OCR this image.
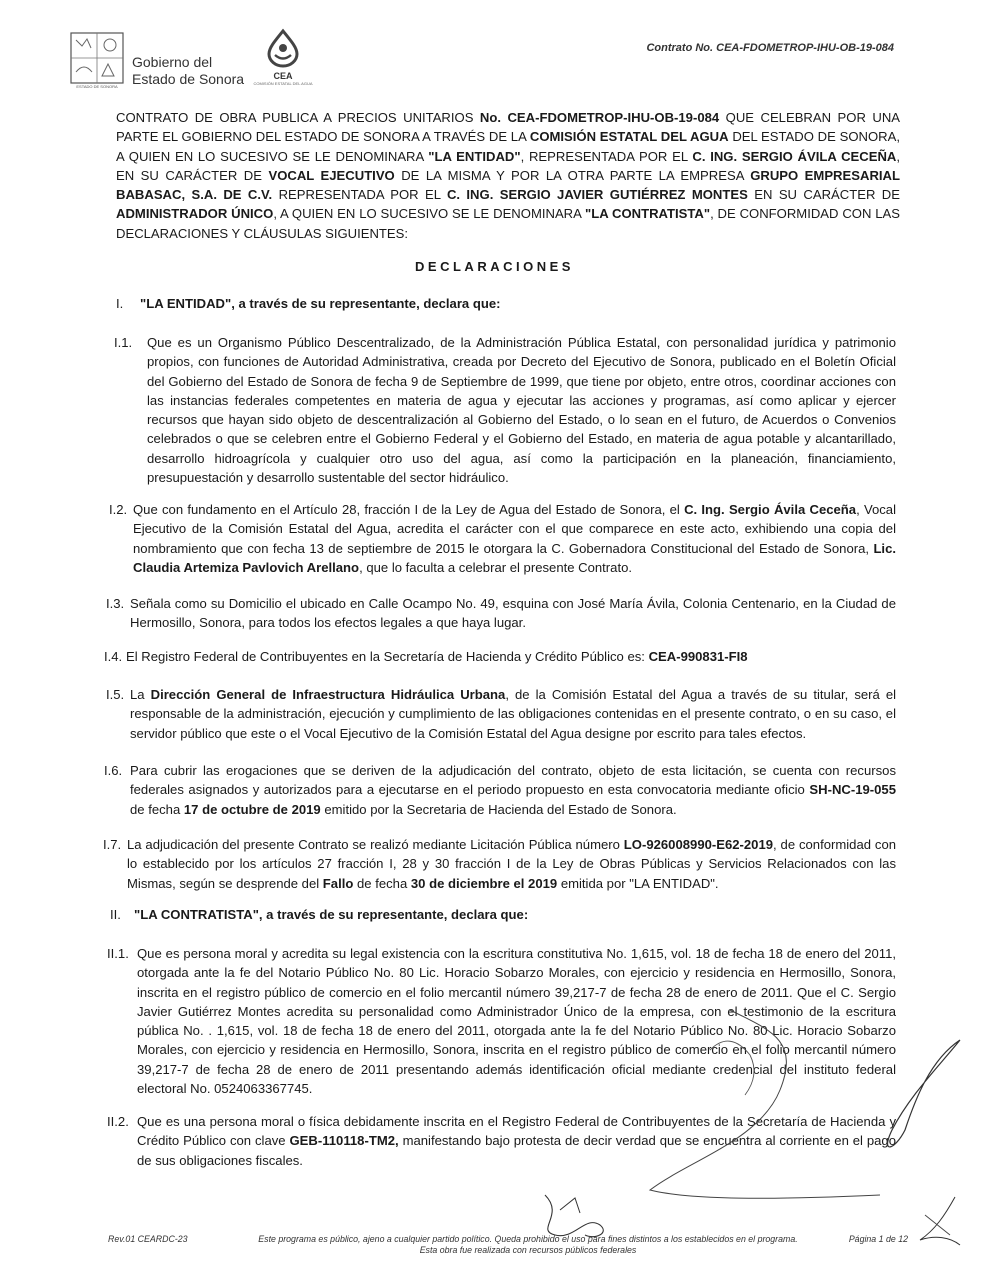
ESTADO DE SONORA
Gobierno del
Estado de Sonora	CEA
COMISIÓN ESTATAL DEL AGUA
Contrato No. CEA-FDOMETROP-IHU-OB-19-084
CONTRATO DE OBRA PUBLICA A PRECIOS UNITARIOS No. CEA-FDOMETROP-IHU-OB-19-084 QUE CELEBRAN POR UNA PARTE EL GOBIERNO DEL ESTADO DE SONORA A TRAVÉS DE LA COMISIÓN ESTATAL DEL AGUA DEL ESTADO DE SONORA, A QUIEN EN LO SUCESIVO SE LE DENOMINARA "LA ENTIDAD", REPRESENTADA POR EL C. ING. SERGIO ÁVILA CECEÑA, EN SU CARÁCTER DE VOCAL EJECUTIVO DE LA MISMA Y POR LA OTRA PARTE LA EMPRESA GRUPO EMPRESARIAL BABASAC, S.A. DE C.V. REPRESENTADA POR EL C. ING. SERGIO JAVIER GUTIÉRREZ MONTES EN SU CARÁCTER DE ADMINISTRADOR ÚNICO, A QUIEN EN LO SUCESIVO SE LE DENOMINARA "LA CONTRATISTA", DE CONFORMIDAD CON LAS DECLARACIONES Y CLÁUSULAS SIGUIENTES:
DECLARACIONES
I. "LA ENTIDAD", a través de su representante, declara que:
I.1. Que es un Organismo Público Descentralizado, de la Administración Pública Estatal, con personalidad jurídica y patrimonio propios, con funciones de Autoridad Administrativa, creada por Decreto del Ejecutivo de Sonora, publicado en el Boletín Oficial del Gobierno del Estado de Sonora de fecha 9 de Septiembre de 1999, que tiene por objeto, entre otros, coordinar acciones con las instancias federales competentes en materia de agua y ejecutar las acciones y programas, así como aplicar y ejercer recursos que hayan sido objeto de descentralización al Gobierno del Estado, o lo sean en el futuro, de Acuerdos o Convenios celebrados o que se celebren entre el Gobierno Federal y el Gobierno del Estado, en materia de agua potable y alcantarillado, desarrollo hidroagrícola y cualquier otro uso del agua, así como la participación en la planeación, financiamiento, presupuestación y desarrollo sustentable del sector hidráulico.
I.2. Que con fundamento en el Artículo 28, fracción I de la Ley de Agua del Estado de Sonora, el C. Ing. Sergio Ávila Ceceña, Vocal Ejecutivo de la Comisión Estatal del Agua, acredita el carácter con el que comparece en este acto, exhibiendo una copia del nombramiento que con fecha 13 de septiembre de 2015 le otorgara la C. Gobernadora Constitucional del Estado de Sonora, Lic. Claudia Artemiza Pavlovich Arellano, que lo faculta a celebrar el presente Contrato.
I.3. Señala como su Domicilio el ubicado en Calle Ocampo No. 49, esquina con José María Ávila, Colonia Centenario, en la Ciudad de Hermosillo, Sonora, para todos los efectos legales a que haya lugar.
I.4. El Registro Federal de Contribuyentes en la Secretaría de Hacienda y Crédito Público es: CEA-990831-FI8
I.5. La Dirección General de Infraestructura Hidráulica Urbana, de la Comisión Estatal del Agua a través de su titular, será el responsable de la administración, ejecución y cumplimiento de las obligaciones contenidas en el presente contrato, o en su caso, el servidor público que este o el Vocal Ejecutivo de la Comisión Estatal del Agua designe por escrito para tales efectos.
I.6. Para cubrir las erogaciones que se deriven de la adjudicación del contrato, objeto de esta licitación, se cuenta con recursos federales asignados y autorizados para a ejecutarse en el periodo propuesto en esta convocatoria mediante oficio SH-NC-19-055 de fecha 17 de octubre de 2019 emitido por la Secretaria de Hacienda del Estado de Sonora.
I.7. La adjudicación del presente Contrato se realizó mediante Licitación Pública número LO-926008990-E62-2019, de conformidad con lo establecido por los artículos 27 fracción I, 28 y 30 fracción I de la Ley de Obras Públicas y Servicios Relacionados con las Mismas, según se desprende del Fallo de fecha 30 de diciembre el 2019 emitida por "LA ENTIDAD".
II. "LA CONTRATISTA", a través de su representante, declara que:
II.1. Que es persona moral y acredita su legal existencia con la escritura constitutiva No. 1,615, vol. 18 de fecha 18 de enero del 2011, otorgada ante la fe del Notario Público No. 80 Lic. Horacio Sobarzo Morales, con ejercicio y residencia en Hermosillo, Sonora, inscrita en el registro público de comercio en el folio mercantil número 39,217-7 de fecha 28 de enero de 2011. Que el C. Sergio Javier Gutiérrez Montes acredita su personalidad como Administrador Único de la empresa, con el testimonio de la escritura pública No. . 1,615, vol. 18 de fecha 18 de enero del 2011, otorgada ante la fe del Notario Público No. 80 Lic. Horacio Sobarzo Morales, con ejercicio y residencia en Hermosillo, Sonora, inscrita en el registro público de comercio en el folio mercantil número 39,217-7 de fecha 28 de enero de 2011 presentando además identificación oficial mediante credencial del instituto federal electoral No. 0524063367745.
II.2. Que es una persona moral o física debidamente inscrita en el Registro Federal de Contribuyentes de la Secretaría de Hacienda y Crédito Público con clave GEB-110118-TM2, manifestando bajo protesta de decir verdad que se encuentra al corriente en el pago de sus obligaciones fiscales.
Rev.01 CEARDC-23	Este programa es público, ajeno a cualquier partido político. Queda prohibido el uso para fines distintos a los establecidos en el programa.
Esta obra fue realizada con recursos públicos federales
Página 1 de 12
